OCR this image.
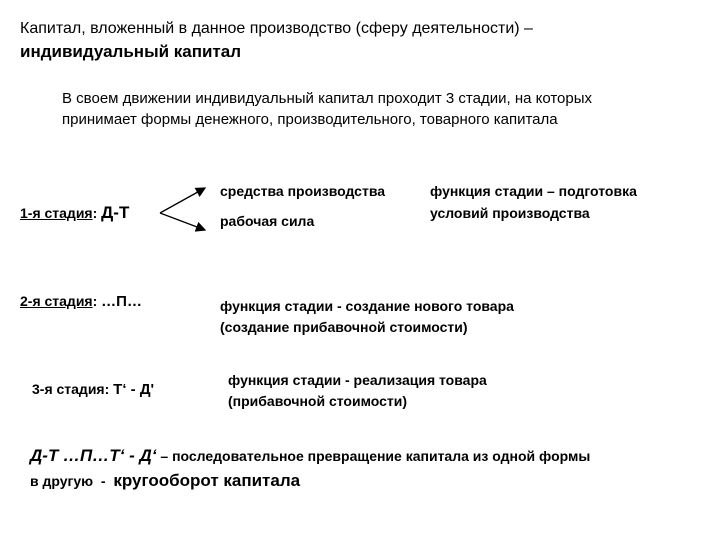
Капитал, вложенный в данное производство (сферу деятельности) –
индивидуальный капитал
В своем движении индивидуальный капитал проходит 3 стадии, на которых принимает формы денежного, производительного, товарного капитала
1-я стадия: Д-Т
средства производства
рабочая сила
функция стадии – подготовка
условий производства
2-я стадия: …П…	функция стадии - создание нового товара
(создание прибавочной стоимости)
3-я стадия: Т‘ - Д'
функция стадии - реализация товара
(прибавочной стоимости)
Д-Т …П…Т‘ - Д‘ – последовательное превращение капитала из одной формы
в другую  -  кругооборот капитала
